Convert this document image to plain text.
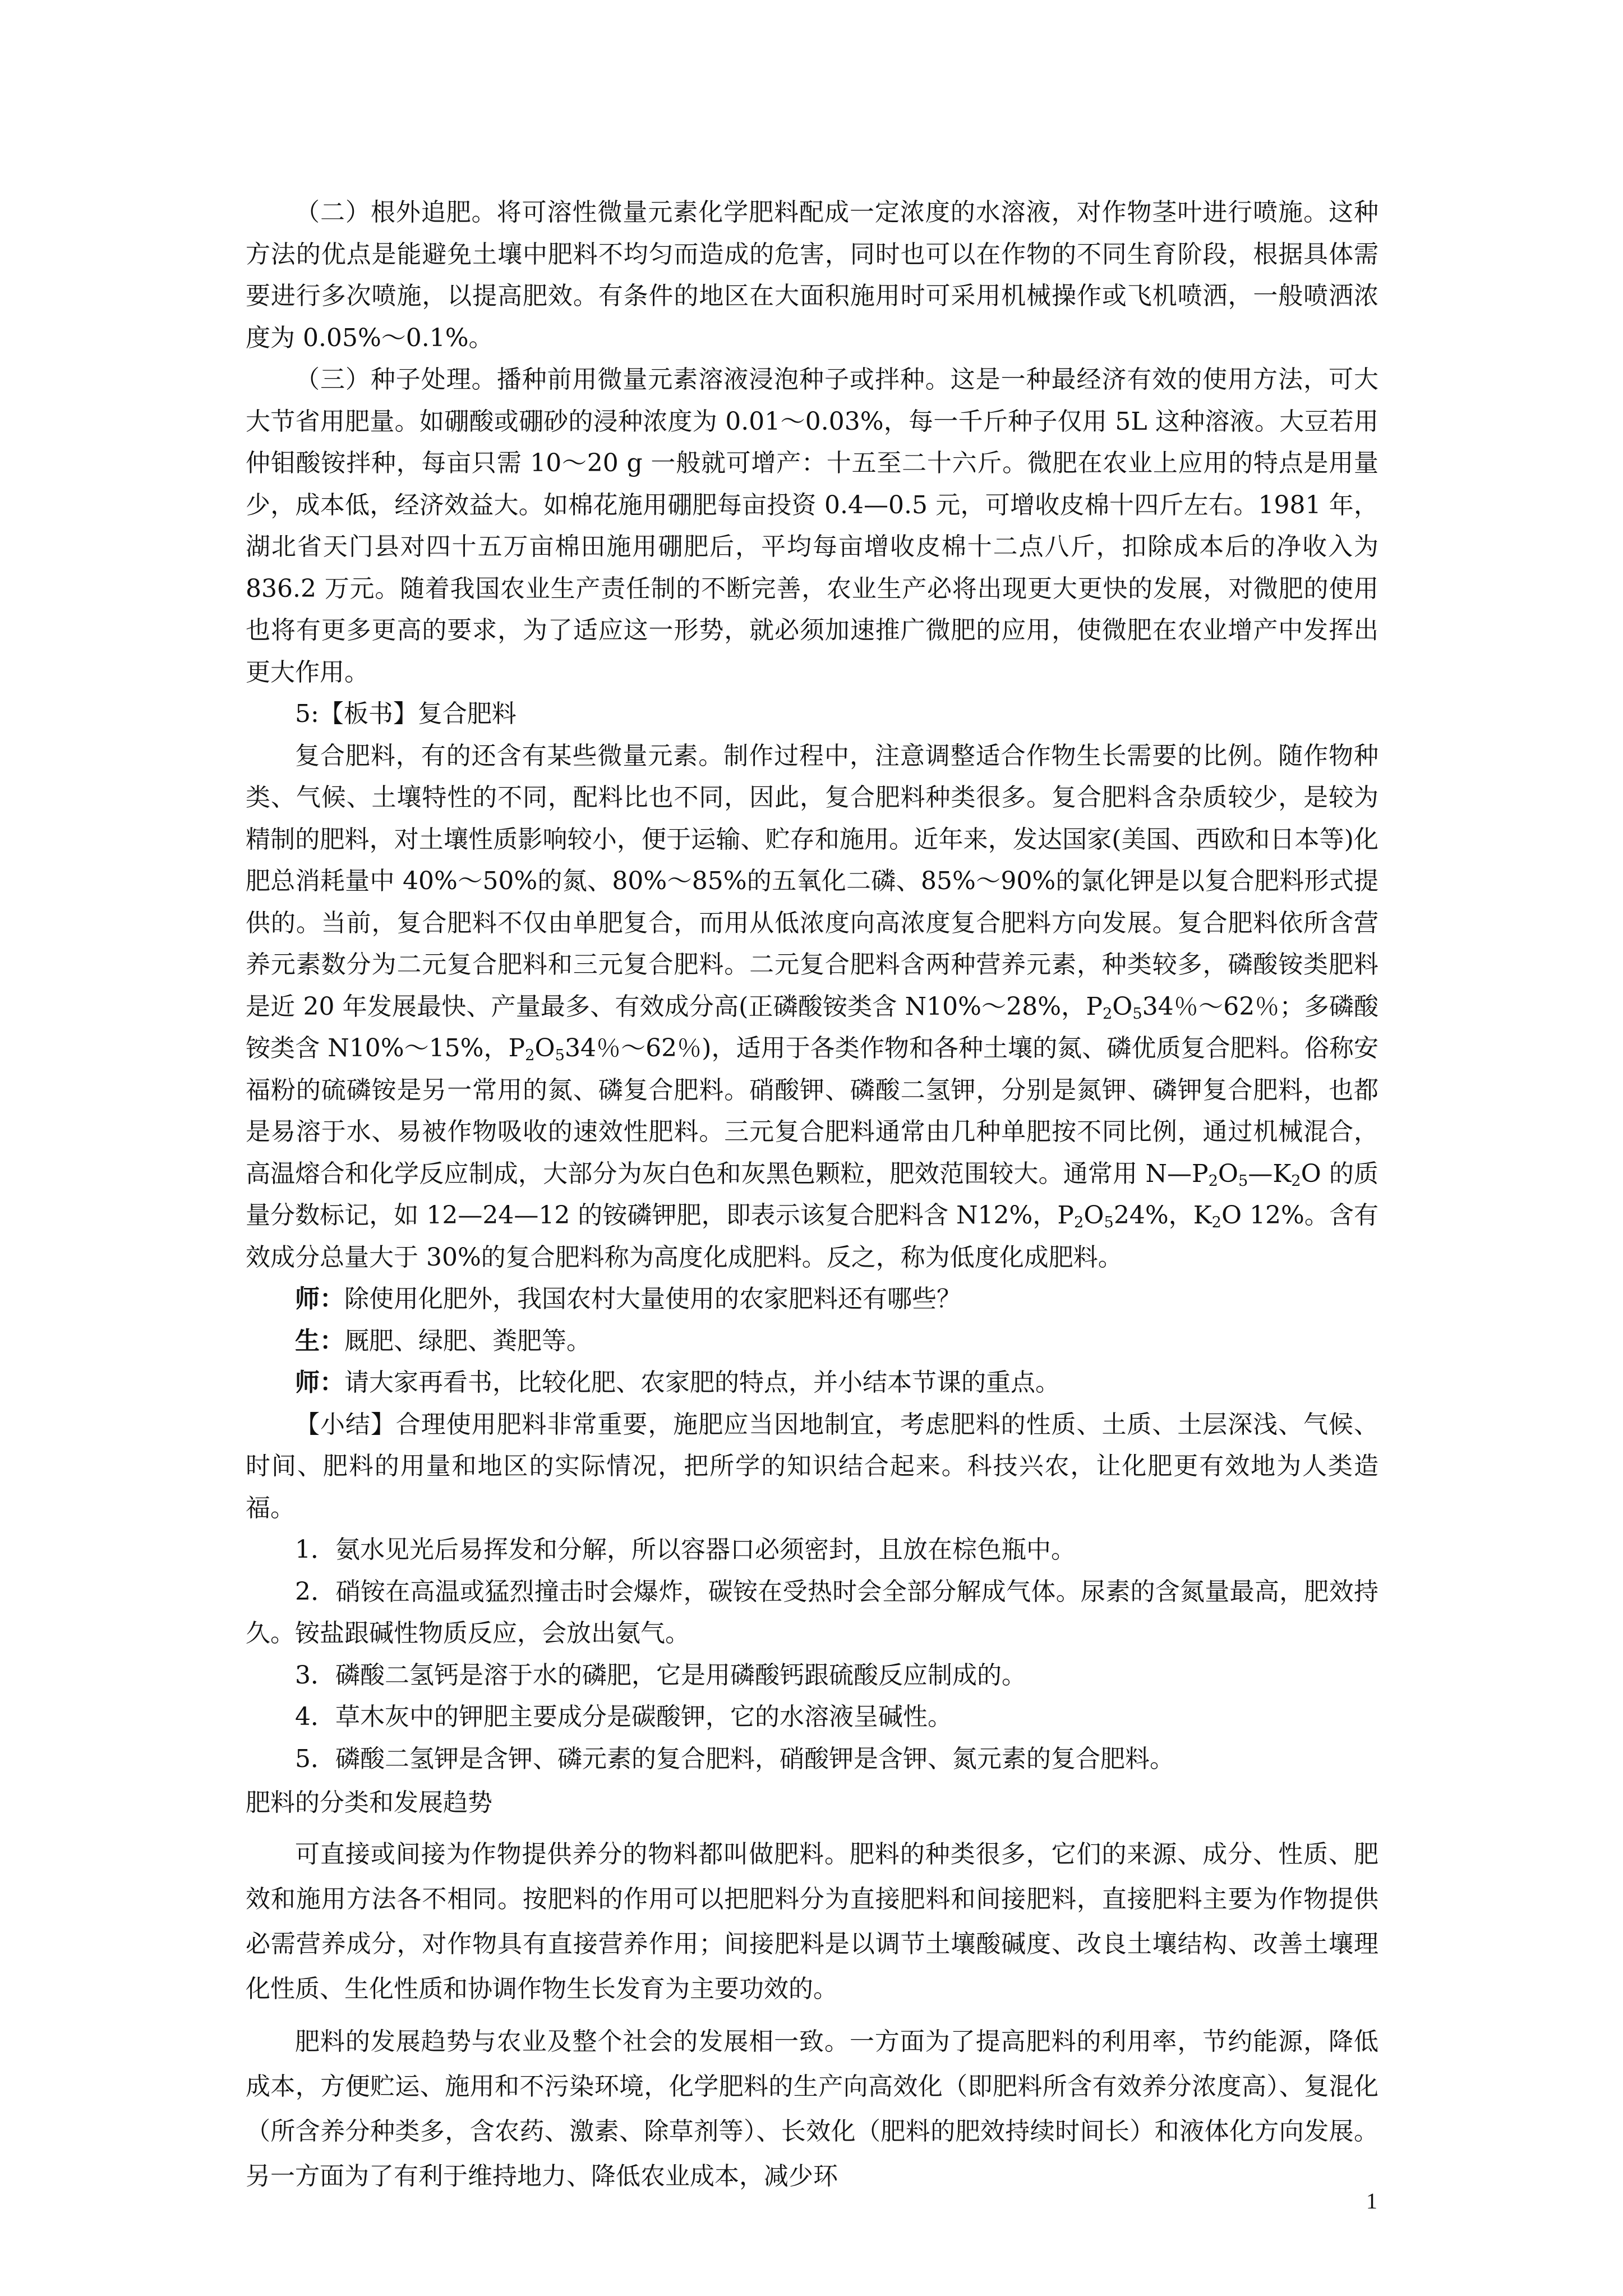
（二）根外追肥。将可溶性微量元素化学肥料配成一定浓度的水溶液，对作物茎叶进行喷施。这种方法的优点是能避免土壤中肥料不均匀而造成的危害，同时也可以在作物的不同生育阶段，根据具体需要进行多次喷施，以提高肥效。有条件的地区在大面积施用时可采用机械操作或飞机喷洒，一般喷洒浓度为 0.05%～0.1%。

（三）种子处理。播种前用微量元素溶液浸泡种子或拌种。这是一种最经济有效的使用方法，可大大节省用肥量。如硼酸或硼砂的浸种浓度为 0.01～0.03%，每一千斤种子仅用 5L 这种溶液。大豆若用仲钼酸铵拌种，每亩只需 10～20 g 一般就可增产：十五至二十六斤。微肥在农业上应用的特点是用量少，成本低，经济效益大。如棉花施用硼肥每亩投资 0.4—0.5 元，可增收皮棉十四斤左右。1981 年，湖北省天门县对四十五万亩棉田施用硼肥后，平均每亩增收皮棉十二点八斤，扣除成本后的净收入为 836.2 万元。随着我国农业生产责任制的不断完善，农业生产必将出现更大更快的发展，对微肥的使用也将有更多更高的要求，为了适应这一形势，就必须加速推广微肥的应用，使微肥在农业增产中发挥出更大作用。

5:【板书】复合肥料

复合肥料，有的还含有某些微量元素。制作过程中，注意调整适合作物生长需要的比例。随作物种类、气候、土壤特性的不同，配料比也不同，因此，复合肥料种类很多。复合肥料含杂质较少，是较为精制的肥料，对土壤性质影响较小，便于运输、贮存和施用。近年来，发达国家(美国、西欧和日本等)化肥总消耗量中 40%～50%的氮、80%～85%的五氧化二磷、85%～90%的氯化钾是以复合肥料形式提供的。当前，复合肥料不仅由单肥复合，而用从低浓度向高浓度复合肥料方向发展。复合肥料依所含营养元素数分为二元复合肥料和三元复合肥料。二元复合肥料含两种营养元素，种类较多，磷酸铵类肥料是近 20 年发展最快、产量最多、有效成分高(正磷酸铵类含 N10%～28%，$P_2O_534$％～62％；多磷酸铵类含 N10%～15%，$P_2O_534$％～62％)，适用于各类作物和各种土壤的氮、磷优质复合肥料。俗称安福粉的硫磷铵是另一常用的氮、磷复合肥料。硝酸钾、磷酸二氢钾，分别是氮钾、磷钾复合肥料，也都是易溶于水、易被作物吸收的速效性肥料。三元复合肥料通常由几种单肥按不同比例，通过机械混合，高温熔合和化学反应制成，大部分为灰白色和灰黑色颗粒，肥效范围较大。通常用 $N—P_2O_5—K_2O$ 的质量分数标记，如 12—24—12 的铵磷钾肥，即表示该复合肥料含 N12%，$P_2O_524\%$，$K_2O$ 12%。含有效成分总量大于 30%的复合肥料称为高度化成肥料。反之，称为低度化成肥料。

师：除使用化肥外，我国农村大量使用的农家肥料还有哪些？

生：厩肥、绿肥、粪肥等。

师：请大家再看书，比较化肥、农家肥的特点，并小结本节课的重点。

【小结】合理使用肥料非常重要，施肥应当因地制宜，考虑肥料的性质、土质、土层深浅、气候、时间、肥料的用量和地区的实际情况，把所学的知识结合起来。科技兴农，让化肥更有效地为人类造福。

1．氨水见光后易挥发和分解，所以容器口必须密封，且放在棕色瓶中。

2．硝铵在高温或猛烈撞击时会爆炸，碳铵在受热时会全部分解成气体。尿素的含氮量最高，肥效持久。铵盐跟碱性物质反应，会放出氨气。

3．磷酸二氢钙是溶于水的磷肥，它是用磷酸钙跟硫酸反应制成的。

4．草木灰中的钾肥主要成分是碳酸钾，它的水溶液呈碱性。

5．磷酸二氢钾是含钾、磷元素的复合肥料，硝酸钾是含钾、氮元素的复合肥料。

肥料的分类和发展趋势

可直接或间接为作物提供养分的物料都叫做肥料。肥料的种类很多，它们的来源、成分、性质、肥效和施用方法各不相同。按肥料的作用可以把肥料分为直接肥料和间接肥料，直接肥料主要为作物提供必需营养成分，对作物具有直接营养作用；间接肥料是以调节土壤酸碱度、改良土壤结构、改善土壤理化性质、生化性质和协调作物生长发育为主要功效的。

肥料的发展趋势与农业及整个社会的发展相一致。一方面为了提高肥料的利用率，节约能源，降低成本，方便贮运、施用和不污染环境，化学肥料的生产向高效化（即肥料所含有效养分浓度高）、复混化（所含养分种类多，含农药、激素、除草剂等）、长效化（肥料的肥效持续时间长）和液体化方向发展。另一方面为了有利于维持地力、降低农业成本，减少环

1
